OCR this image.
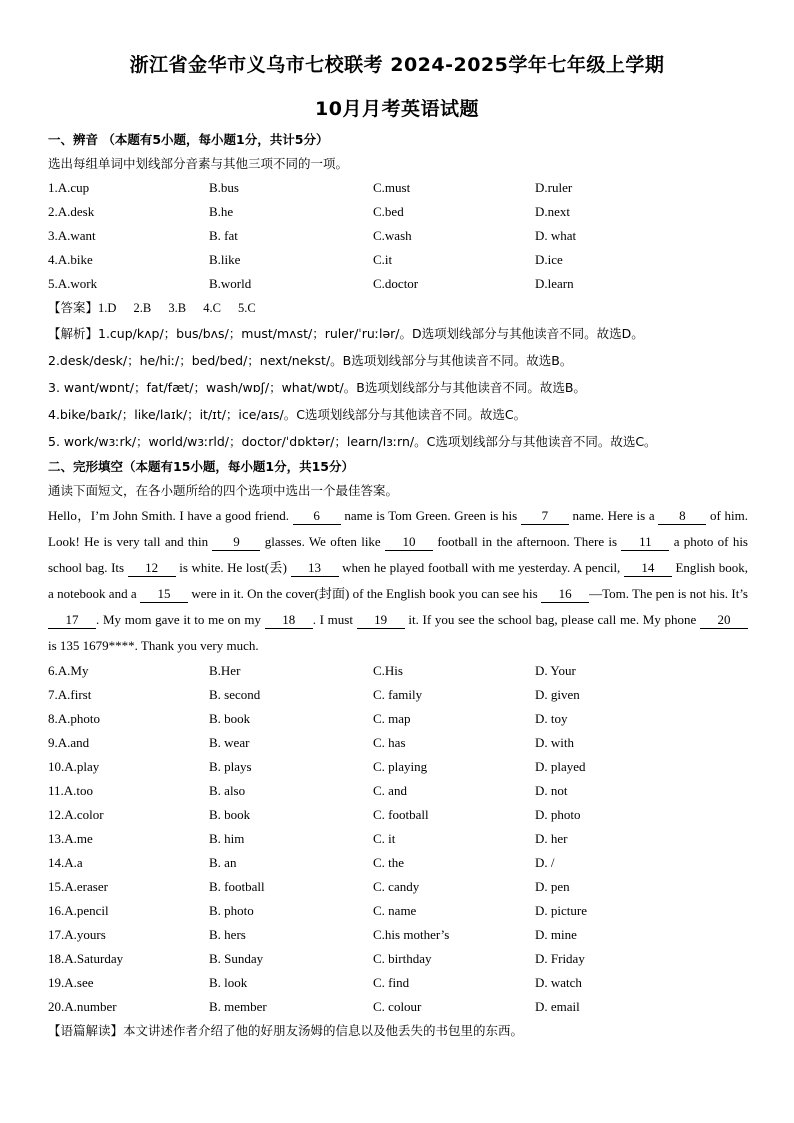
浙江省金华市义乌市七校联考 2024-2025学年七年级上学期
10月月考英语试题
一、辨音 （本题有5小题，每小题1分，共计5分）
选出每组单词中划线部分音素与其他三项不同的一项。
1.A.cup	B.bus	C.must	D.ruler
2.A.desk	B.he	C.bed	D.next
3.A.want	B. fat	C.wash	D. what
4.A.bike	B.like	C.it	D.ice
5.A.work	B.world	C.doctor	D.learn
【答案】1.D 2.B 3.B 4.C 5.C
【解析】1.cup/kʌp/；bus/bʌs/；must/mʌst/；ruler/ˈruːlər/。D选项划线部分与其他读音不同。故选D。
2.desk/desk/；he/hiː/；bed/bed/；next/nekst/。B选项划线部分与其他读音不同。故选B。
3. want/wɒnt/；fat/fæt/；wash/wɒʃ/；what/wɒt/。B选项划线部分与其他读音不同。故选B。
4.bike/baɪk/；like/laɪk/；it/ɪt/；ice/aɪs/。C选项划线部分与其他读音不同。故选C。
5. work/wɜːrk/；world/wɜːrld/；doctor/ˈdɒktər/；learn/lɜːrn/。C选项划线部分与其他读音不同。故选C。
二、完形填空（本题有15小题，每小题1分，共15分）
通读下面短文，在各小题所给的四个选项中选出一个最佳答案。
Hello，I’m John Smith. I have a good friend. 6 name is Tom Green. Green is his 7 name. Here is a 8 of him. Look! He is very tall and thin 9 glasses. We often like 10 football in the afternoon. There is 11 a photo of his school bag. Its 12 is white. He lost(丢) 13 when he played football with me yesterday. A pencil, 14 English book, a notebook and a 15 were in it. On the cover(封面) of the English book you can see his 16 —Tom. The pen is not his. It’s 17 . My mom gave it to me on my 18 . I must 19 it. If you see the school bag, please call me. My phone 20 is 135 1679****. Thank you very much.
6.A.My	B.Her	C.His	D. Your
7.A.first	B. second	C. family	D. given
8.A.photo	B. book	C. map	D. toy
9.A.and	B. wear	C. has	D. with
10.A.play	B. plays	C. playing	D. played
11.A.too	B. also	C. and	D. not
12.A.color	B. book	C. football	D. photo
13.A.me	B. him	C. it	D. her
14.A.a	B. an	C. the	D. /
15.A.eraser	B. football	C. candy	D. pen
16.A.pencil	B. photo	C. name	D. picture
17.A.yours	B. hers	C.his mother’s	D. mine
18.A.Saturday	B. Sunday	C. birthday	D. Friday
19.A.see	B. look	C. find	D. watch
20.A.number	B. member	C. colour	D. email
【语篇解读】本文讲述作者介绍了他的好朋友汤姆的信息以及他丢失的书包里的东西。
